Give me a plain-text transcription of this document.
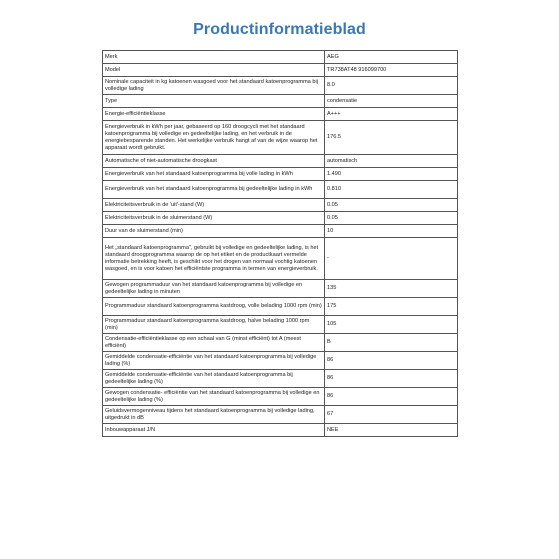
Productinformatieblad
Merk	AEG
Model	TR738AT48 916099700
Nominale capaciteit in kg katoenen wasgoed voor het standaard katoenprogramma bij volledige lading	8.0
Type	condensatie
Energie-efficiëntieklasse	A+++
Energieverbruik in kWh per jaar, gebaseerd op 160 droogcycli met het standaard katoenprogramma bij volledige en gedeeltelijke lading, en het verbruik in de energiebesparende standen. Het werkelijke verbruik hangt af van de wijze waarop het apparaat wordt gebruikt.	176.5
Automatische of niet-automatische droogkast	automatisch
Energieverbruik van het standaard katoenprogramma bij volle lading in kWh	1.490
Energieverbruik van het standaard katoenprogramma bij gedeeltelijke lading in kWh	0.810
Elektriciteitsverbruik in de 'uit'-stand (W)	0.05
Elektriciteitsverbruik in de sluimerstand (W)	0.05
Duur van de sluimerstand (min)	10
Het „standaard katoenprogramma", gebruikt bij volledige en gedeeltelijke lading, is het standaard droogprogramma waarop de op het etiket en de productkaart vermelde informatie betrekking heeft, is geschikt voor het drogen van normaal vochtig katoenen wasgoed, en is voor katoen het efficiëntste programma in termen van energieverbruik.	-
Gewogen programmaduur van het standaard katoenprogramma bij volledige en gedeeltelijke lading in minuten	135
Programmaduur standaard katoenprogramma kastdroog, volle belading 1000 rpm (min)	175
Programmaduur standaard katoenprogramma kastdroog, halve belading 1000 rpm (min)	105
Condensatie-efficiëntieklasse op een schaal van G (minst efficiënt) tot A (meest efficiënt)	B
Gemiddelde condensatie-efficiëntie van het standaard katoenprogramma bij volledige lading (%)	86
Gemiddelde condensatie-efficiëntie van het standaard katoenprogramma bij gedeeltelijke lading (%)	86
Gewogen condensatie- efficiëntie van het standaard katoenprogramma bij volledige en gedeeltelijke lading (%)	86
Geluidsvermogenniveau tijdens het standaard katoenprogramma bij volledige lading, uitgedrukt in dB	67
Inbouwapparaat J/N	NEE
